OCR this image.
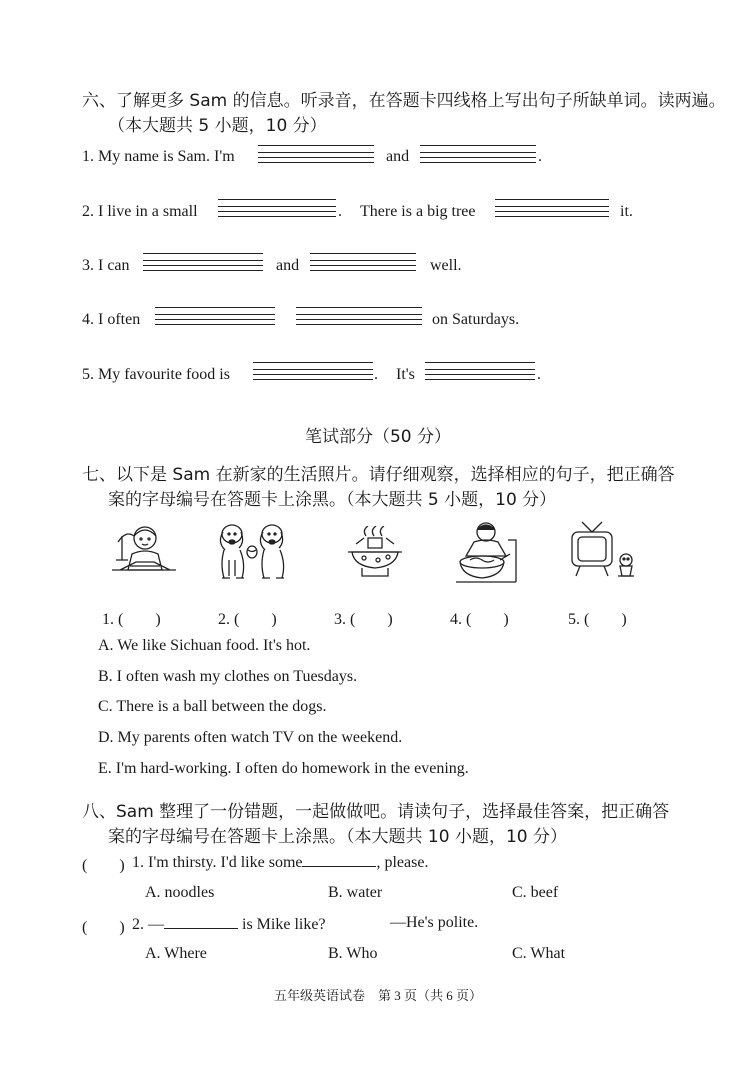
六、了解更多 Sam 的信息。听录音，在答题卡四线格上写出句子所缺单词。读两遍。
（本大题共 5 小题，10 分）
1. My name is Sam. I'm	and	.
2. I live in a small	. There is a big tree	it.
3. I can	and	well.
4. I often	on Saturdays.
5. My favourite food is	. It's	.
笔试部分（50 分）
七、以下是 Sam 在新家的生活照片。请仔细观察，选择相应的句子，把正确答
案的字母编号在答题卡上涂黑。（本大题共 5 小题，10 分）
1. (　　)	2. (　　)	3. (　　)	4. (　　)	5. (　　)
A. We like Sichuan food. It's hot.
B. I often wash my clothes on Tuesdays.
C. There is a ball between the dogs.
D. My parents often watch TV on the weekend.
E. I'm hard-working. I often do homework in the evening.
八、Sam 整理了一份错题，一起做做吧。请读句子，选择最佳答案，把正确答
案的字母编号在答题卡上涂黑。（本大题共 10 小题，10 分）
(　　) 1. I'm thirsty. I'd like some	, please.
A. noodles	B. water	C. beef
(　　) 2. —	is Mike like?	—He's polite.
A. Where	B. Who	C. What
五年级英语试卷　第 3 页（共 6 页）
